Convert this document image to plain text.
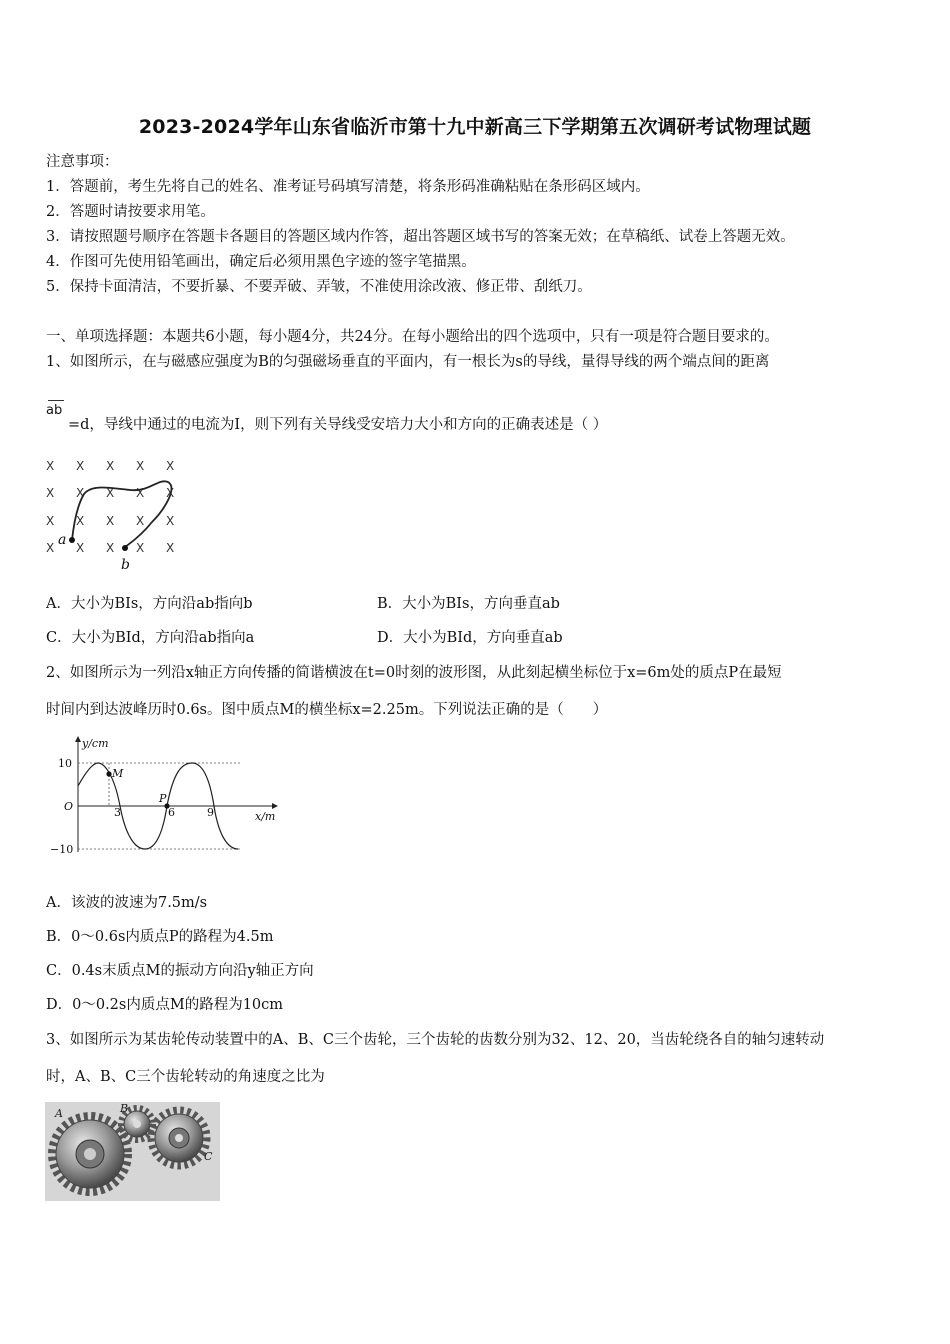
2023-2024学年山东省临沂市第十九中新高三下学期第五次调研考试物理试题
注意事项：
1．答题前，考生先将自己的姓名、准考证号码填写清楚，将条形码准确粘贴在条形码区域内。
2．答题时请按要求用笔。
3．请按照题号顺序在答题卡各题目的答题区域内作答，超出答题区域书写的答案无效；在草稿纸、试卷上答题无效。
4．作图可先使用铅笔画出，确定后必须用黑色字迹的签字笔描黑。
5．保持卡面清洁，不要折暴、不要弄破、弄皱，不准使用涂改液、修正带、刮纸刀。
一、单项选择题：本题共6小题，每小题4分，共24分。在每小题给出的四个选项中，只有一项是符合题目要求的。
1、如图所示，在与磁感应强度为B的匀强磁场垂直的平面内，有一根长为s的导线，量得导线的两个端点间的距离
ab
=d，导线中通过的电流为I，则下列有关导线受安培力大小和方向的正确表述是（ ）
X X X X X
X X X X X
X X X X X
X X X X X
a
b
A．大小为BIs，方向沿ab指向b	B．大小为BIs，方向垂直ab
C．大小为BId，方向沿ab指向a	D．大小为BId，方向垂直ab
2、如图所示为一列沿x轴正方向传播的简谐横波在t=0时刻的波形图，从此刻起横坐标位于x=6m处的质点P在最短
时间内到达波峰历时0.6s。图中质点M的横坐标x=2.25m。下列说法正确的是（　　）
y/cm
x/m
O
10
−10
3	6	9
M
P
A．该波的波速为7.5m/s
B．0～0.6s内质点P的路程为4.5m
C．0.4s末质点M的振动方向沿y轴正方向
D．0～0.2s内质点M的路程为10cm
3、如图所示为某齿轮传动装置中的A、B、C三个齿轮，三个齿轮的齿数分别为32、12、20，当齿轮绕各自的轴匀速转动
时，A、B、C三个齿轮转动的角速度之比为
A	B
C
